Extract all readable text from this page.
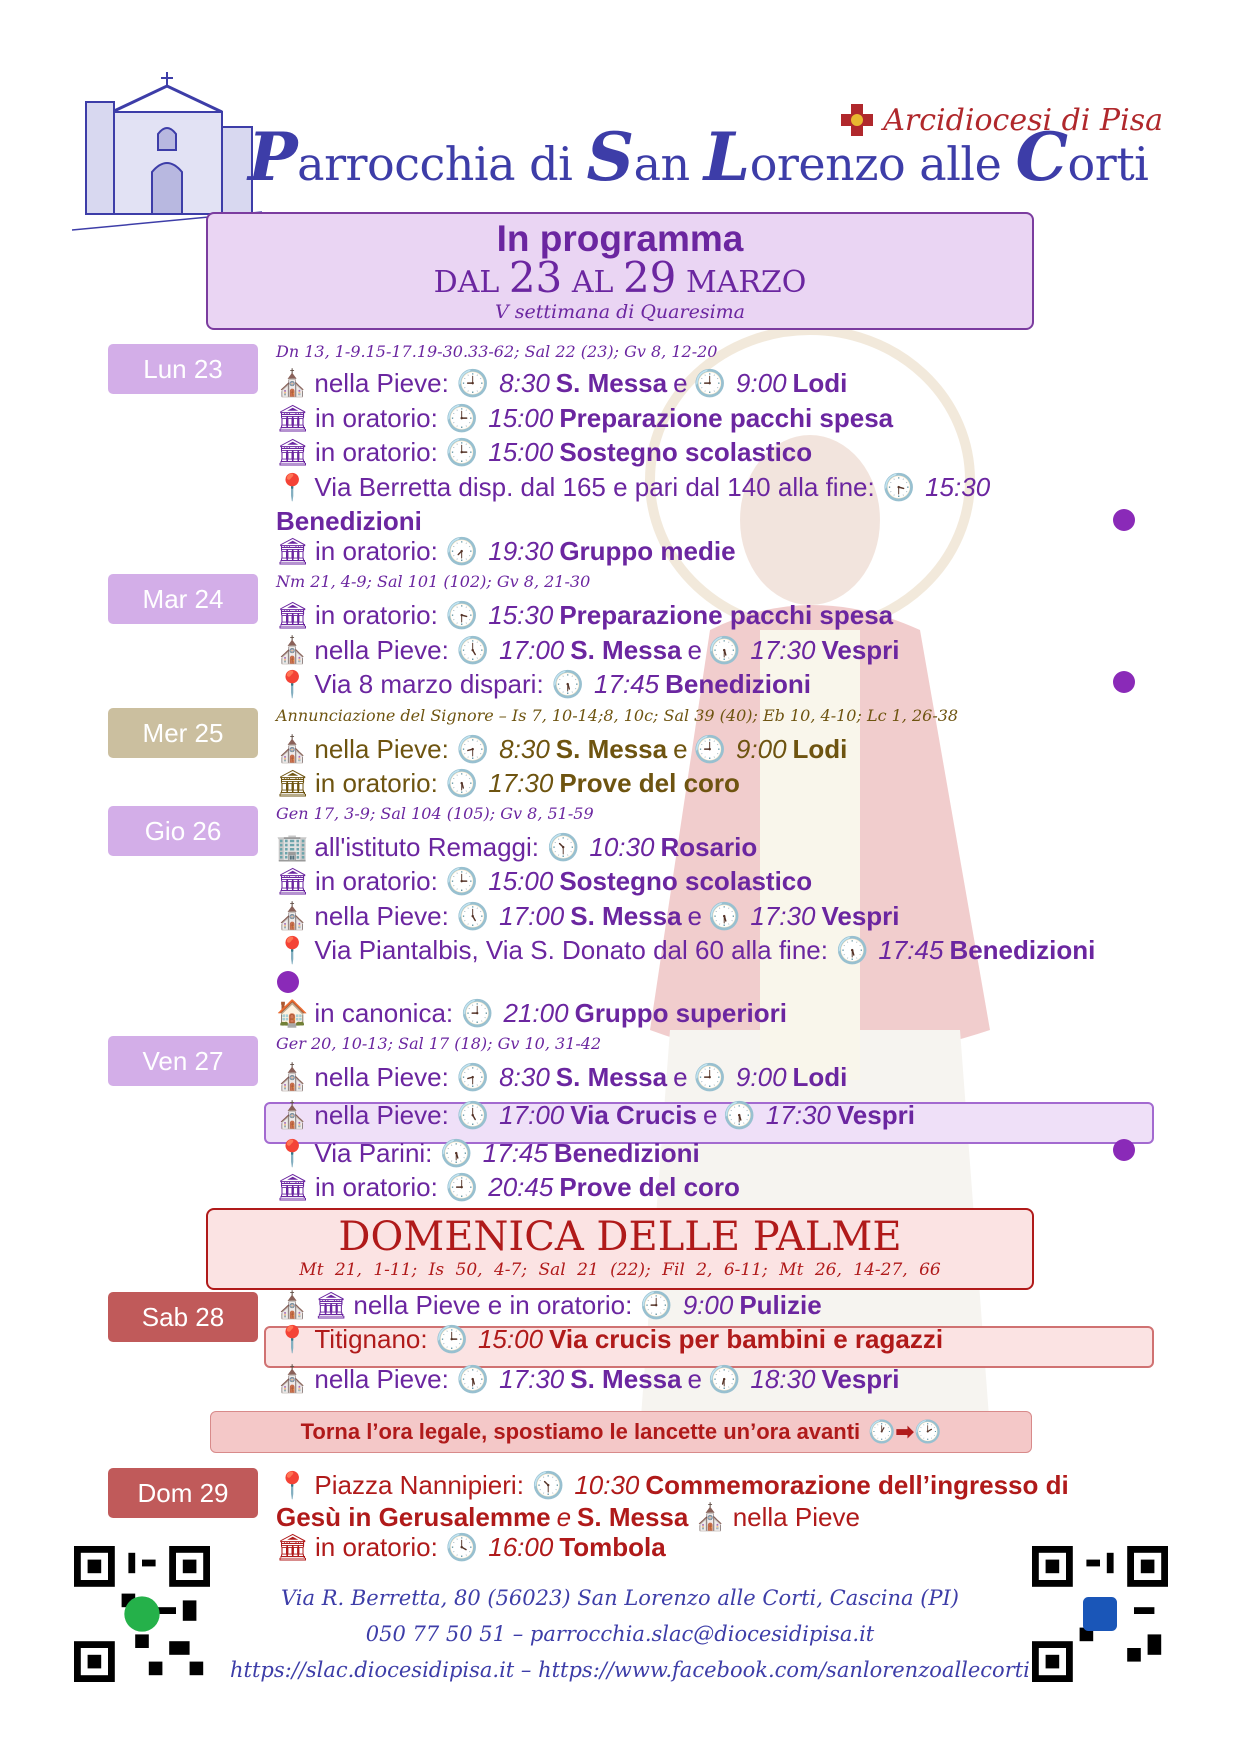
Arcidiocesi di Pisa
Parrocchia di San Lorenzo alle Corti
In programma
DAL 23 AL 29 MARZO
V settimana di Quaresima
Lun 23
Dn 13, 1-9.15-17.19-30.33-62; Sal 22 (23); Gv 8, 12-20
⛪ nella Pieve: 🕘 8:30 S. Messa e 🕘 9:00 Lodi
🏛 in oratorio: 🕒 15:00 Preparazione pacchi spesa
🏛 in oratorio: 🕒 15:00 Sostegno scolastico
📍 Via Berretta disp. dal 165 e pari dal 140 alla fine: 🕞 15:30
Benedizioni
🏛 in oratorio: 🕢 19:30 Gruppo medie
Mar 24
Nm 21, 4-9; Sal 101 (102); Gv 8, 21-30
🏛 in oratorio: 🕞 15:30 Preparazione pacchi spesa
⛪ nella Pieve: 🕔 17:00 S. Messa e 🕠 17:30 Vespri
📍 Via 8 marzo dispari: 🕠 17:45 Benedizioni
Mer 25
Annunciazione del Signore – Is 7, 10-14;8, 10c; Sal 39 (40); Eb 10, 4-10; Lc 1, 26-38
⛪ nella Pieve: 🕣 8:30 S. Messa e 🕘 9:00 Lodi
🏛 in oratorio: 🕠 17:30 Prove del coro
Gio 26
Gen 17, 3-9; Sal 104 (105); Gv 8, 51-59
🏢 all'istituto Remaggi: 🕥 10:30 Rosario
🏛 in oratorio: 🕒 15:00 Sostegno scolastico
⛪ nella Pieve: 🕔 17:00 S. Messa e 🕠 17:30 Vespri
📍 Via Piantalbis, Via S. Donato dal 60 alla fine: 🕠 17:45 Benedizioni
🏠 in canonica: 🕘 21:00 Gruppo superiori
Ven 27
Ger 20, 10-13; Sal 17 (18); Gv 10, 31-42
⛪ nella Pieve: 🕣 8:30 S. Messa e 🕘 9:00 Lodi
⛪ nella Pieve: 🕔 17:00 Via Crucis e 🕠 17:30 Vespri
📍 Via Parini: 🕠 17:45 Benedizioni
🏛 in oratorio: 🕘 20:45 Prove del coro
DOMENICA DELLE PALME
Mt 21, 1-11; Is 50, 4-7; Sal 21 (22); Fil 2, 6-11; Mt 26, 14-27, 66
Sab 28	⛪ 🏛 nella Pieve e in oratorio: 🕘 9:00 Pulizie
📍 Titignano: 🕒 15:00 Via crucis per bambini e ragazzi
⛪ nella Pieve: 🕠 17:30 S. Messa e 🕡 18:30 Vespri
Torna l’ora legale, spostiamo le lancette un’ora avanti 🕐➡🕑
Dom 29	📍 Piazza Nannipieri: 🕥 10:30 Commemorazione dell’ingresso di
Gesù in Gerusalemme e S. Messa ⛪ nella Pieve
🏛 in oratorio: 🕓 16:00 Tombola
Via R. Berretta, 80 (56023) San Lorenzo alle Corti, Cascina (PI)
050 77 50 51 – parrocchia.slac@diocesidipisa.it
https://slac.diocesidipisa.it – https://www.facebook.com/sanlorenzoallecorti
